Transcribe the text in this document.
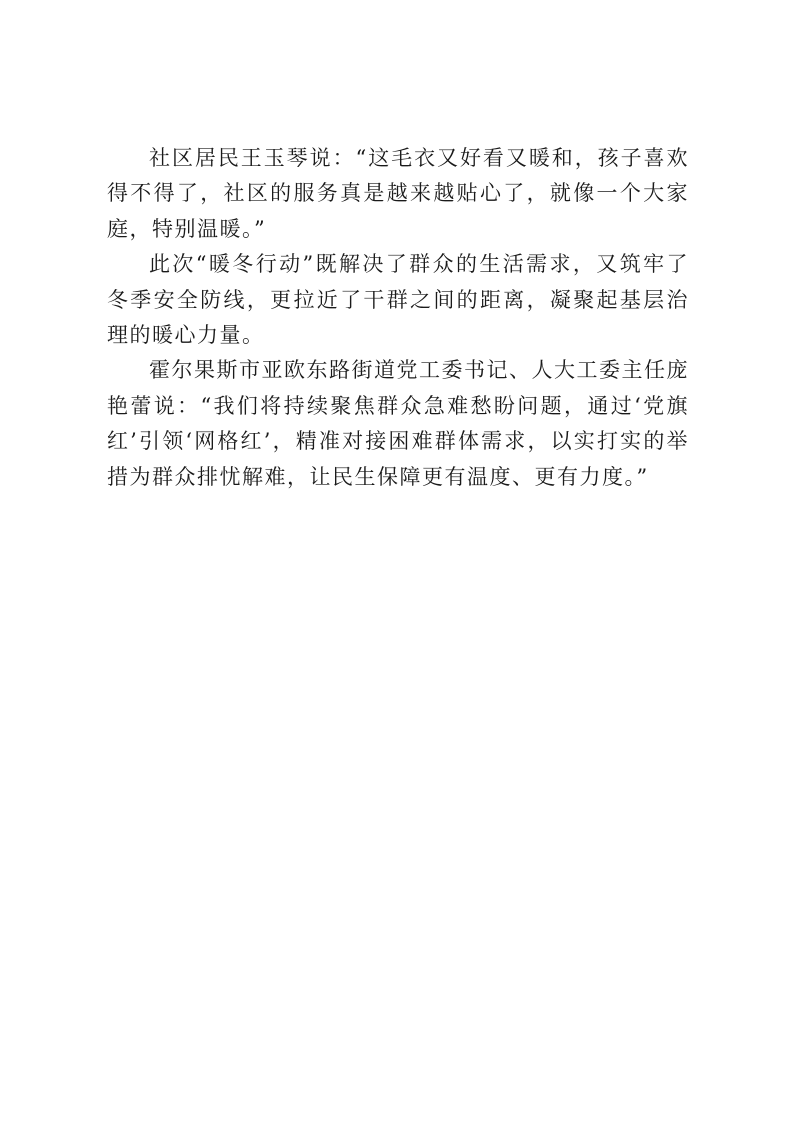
社区居民王玉琴说：“这毛衣又好看又暖和，孩子喜欢得不得了，社区的服务真是越来越贴心了，就像一个大家庭，特别温暖。”

此次“暖冬行动”既解决了群众的生活需求，又筑牢了冬季安全防线，更拉近了干群之间的距离，凝聚起基层治理的暖心力量。

霍尔果斯市亚欧东路街道党工委书记、人大工委主任庞艳蕾说：“我们将持续聚焦群众急难愁盼问题，通过‘党旗红’引领‘网格红’，精准对接困难群体需求，以实打实的举措为群众排忧解难，让民生保障更有温度、更有力度。”
